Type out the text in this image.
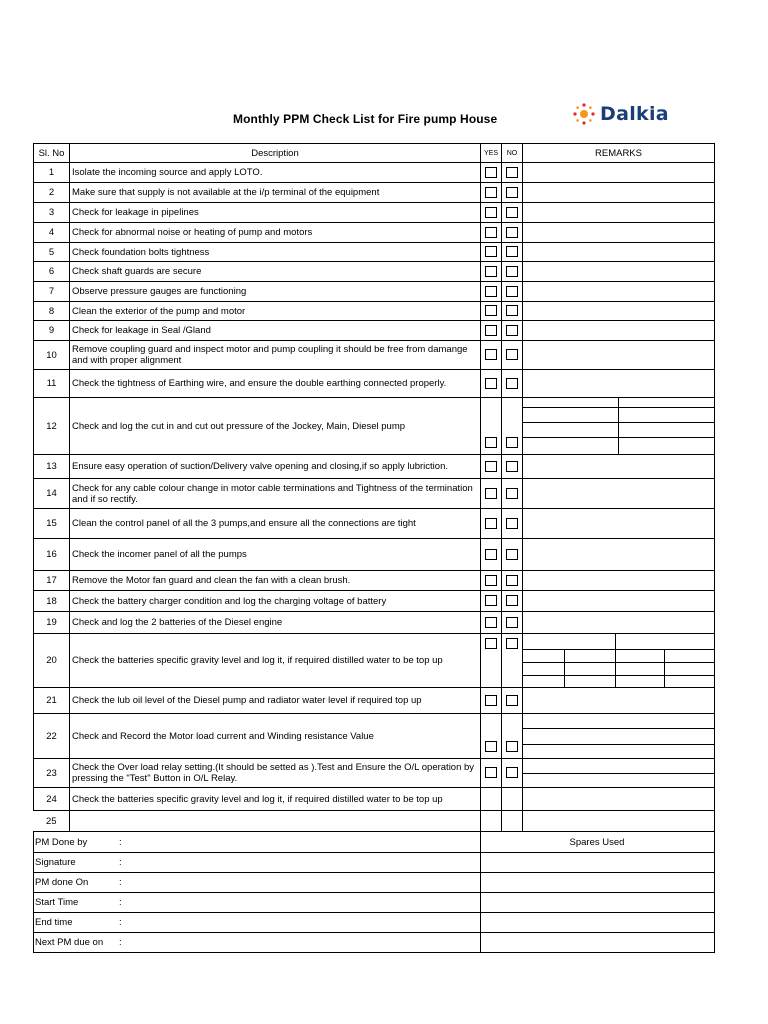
Monthly PPM Check List for Fire pump House	Dalkia
Sl. No	Description	YES	NO	REMARKS
1	Isolate the incoming source and apply LOTO.			
2	Make sure that supply is not available at the i/p terminal of the equipment			
3	Check for leakage in pipelines			
4	Check for abnormal noise or heating of pump and motors			
5	Check foundation bolts tightness			
6	Check shaft guards are secure			
7	Observe pressure gauges are functioning			
8	Clean the exterior of the pump and motor			
9	Check for leakage in Seal /Gland			
10	Remove coupling guard and inspect motor and pump coupling it should be free from damange and with proper alignment			
11	Check the tightness of Earthing wire, and ensure the double earthing connected properly.			
12	Check and log the cut in and cut out pressure of the Jockey, Main, Diesel pump			

13	Ensure easy operation of suction/Delivery valve opening and closing,if so apply lubriction.			
14	Check for any cable colour change in motor cable terminations and Tightness of the termination and if so rectify.			
15	Clean the control panel of all the 3 pumps,and ensure all the connections are tight			
16	Check the incomer panel of all the pumps			
17	Remove the Motor fan guard and clean the fan with a clean brush.			
18	Check the battery charger condition and log the charging voltage of battery			
19	Check and log the 2 batteries of the Diesel engine			
20	Check the batteries specific gravity level and log it, if required distilled water to be top up			

21	Check the lub oil level of the Diesel pump and radiator water level if required top up			
22	Check and Record the Motor load current and Winding resistance Value			

23	Check the Over load relay setting.(It should be setted as ).Test and Ensure the O/L operation by pressing the "Test" Button in O/L Relay.			

24	Check the batteries specific gravity level and log it, if required distilled water to be top up			
25				
PM Done by :		Spares Used		
Signature :				

PM done On :				

Start Time :				

End time :				

Next PM due on :				
